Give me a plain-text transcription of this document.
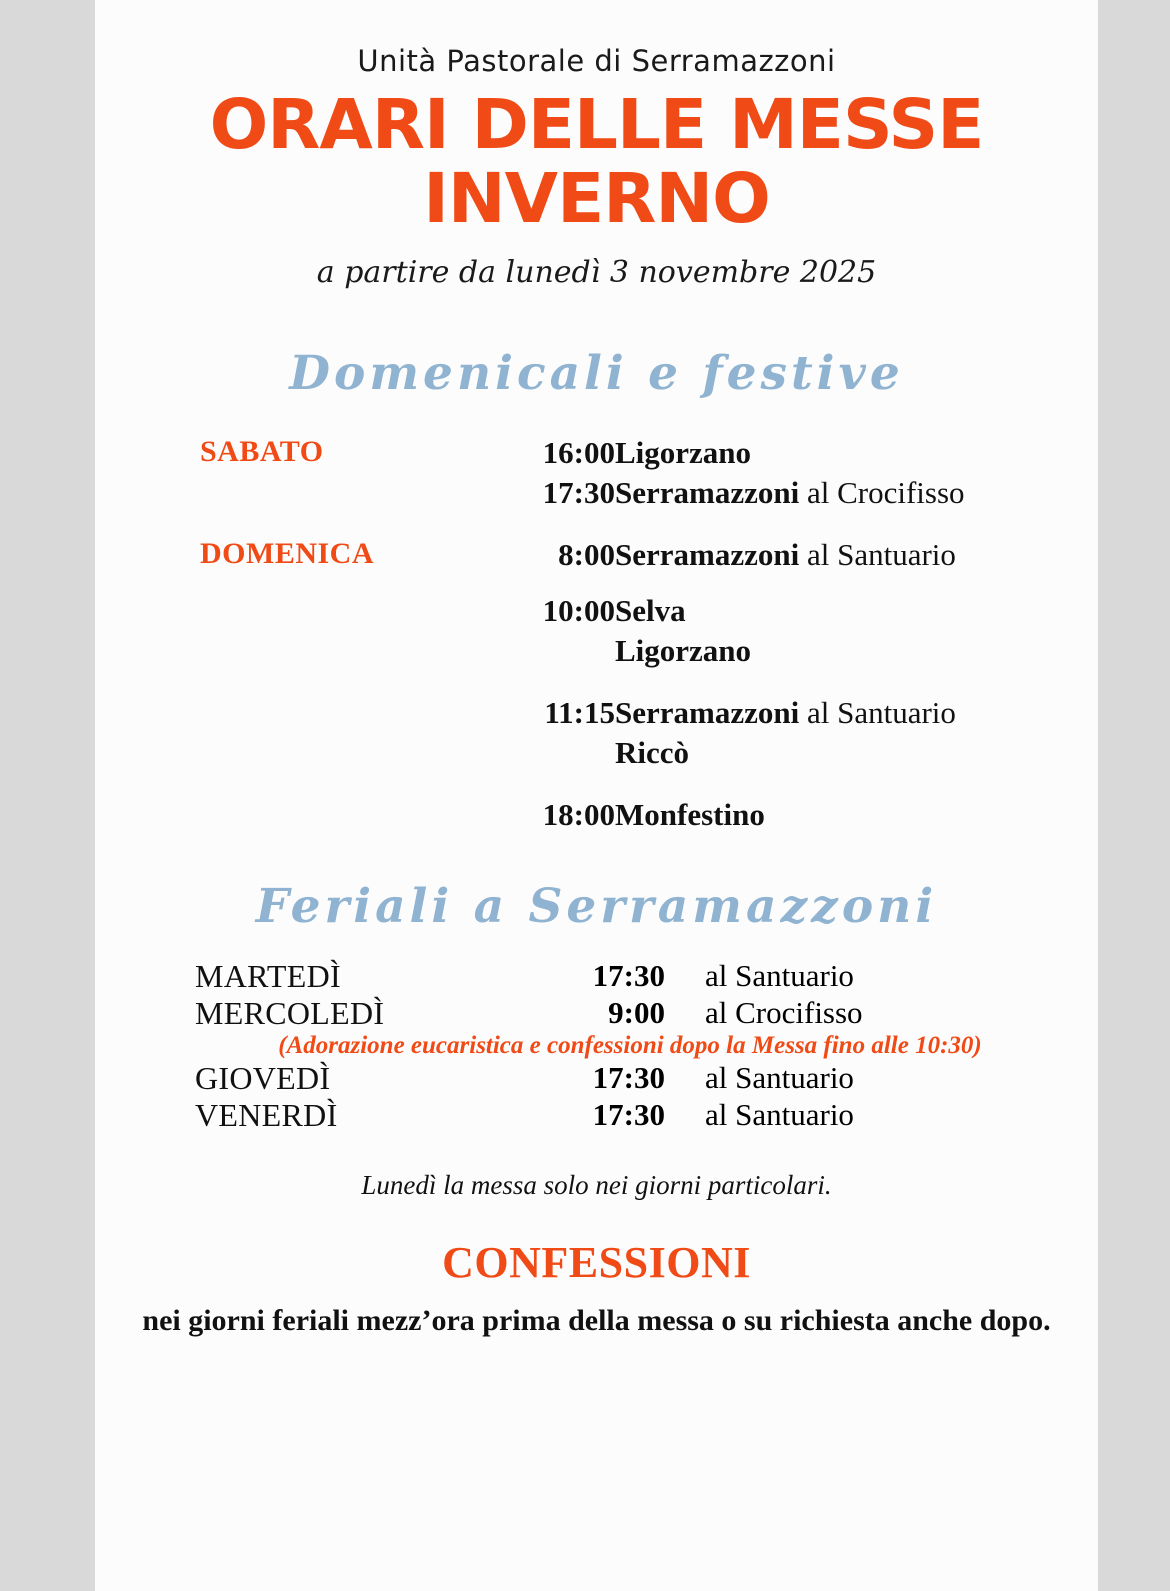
Unità Pastorale di Serramazzoni
ORARI DELLE MESSE
INVERNO
a partire da lunedì 3 novembre 2025
Domenicali e festive
SABATO	16:00	Ligorzano
	17:30	Serramazzoni al Crocifisso
DOMENICA	8:00	Serramazzoni al Santuario
	10:00	Selva
		Ligorzano
	11:15	Serramazzoni al Santuario
		Riccò
	18:00	Monfestino
Feriali a Serramazzoni
MARTEDÌ	17:30	al Santuario
MERCOLEDÌ	9:00	al Crocifisso
(Adorazione eucaristica e confessioni dopo la Messa fino alle 10:30)		
GIOVEDÌ	17:30	al Santuario
VENERDÌ	17:30	al Santuario
Lunedì la messa solo nei giorni particolari.
CONFESSIONI
nei giorni feriali mezz’ora prima della messa o su richiesta anche dopo.
